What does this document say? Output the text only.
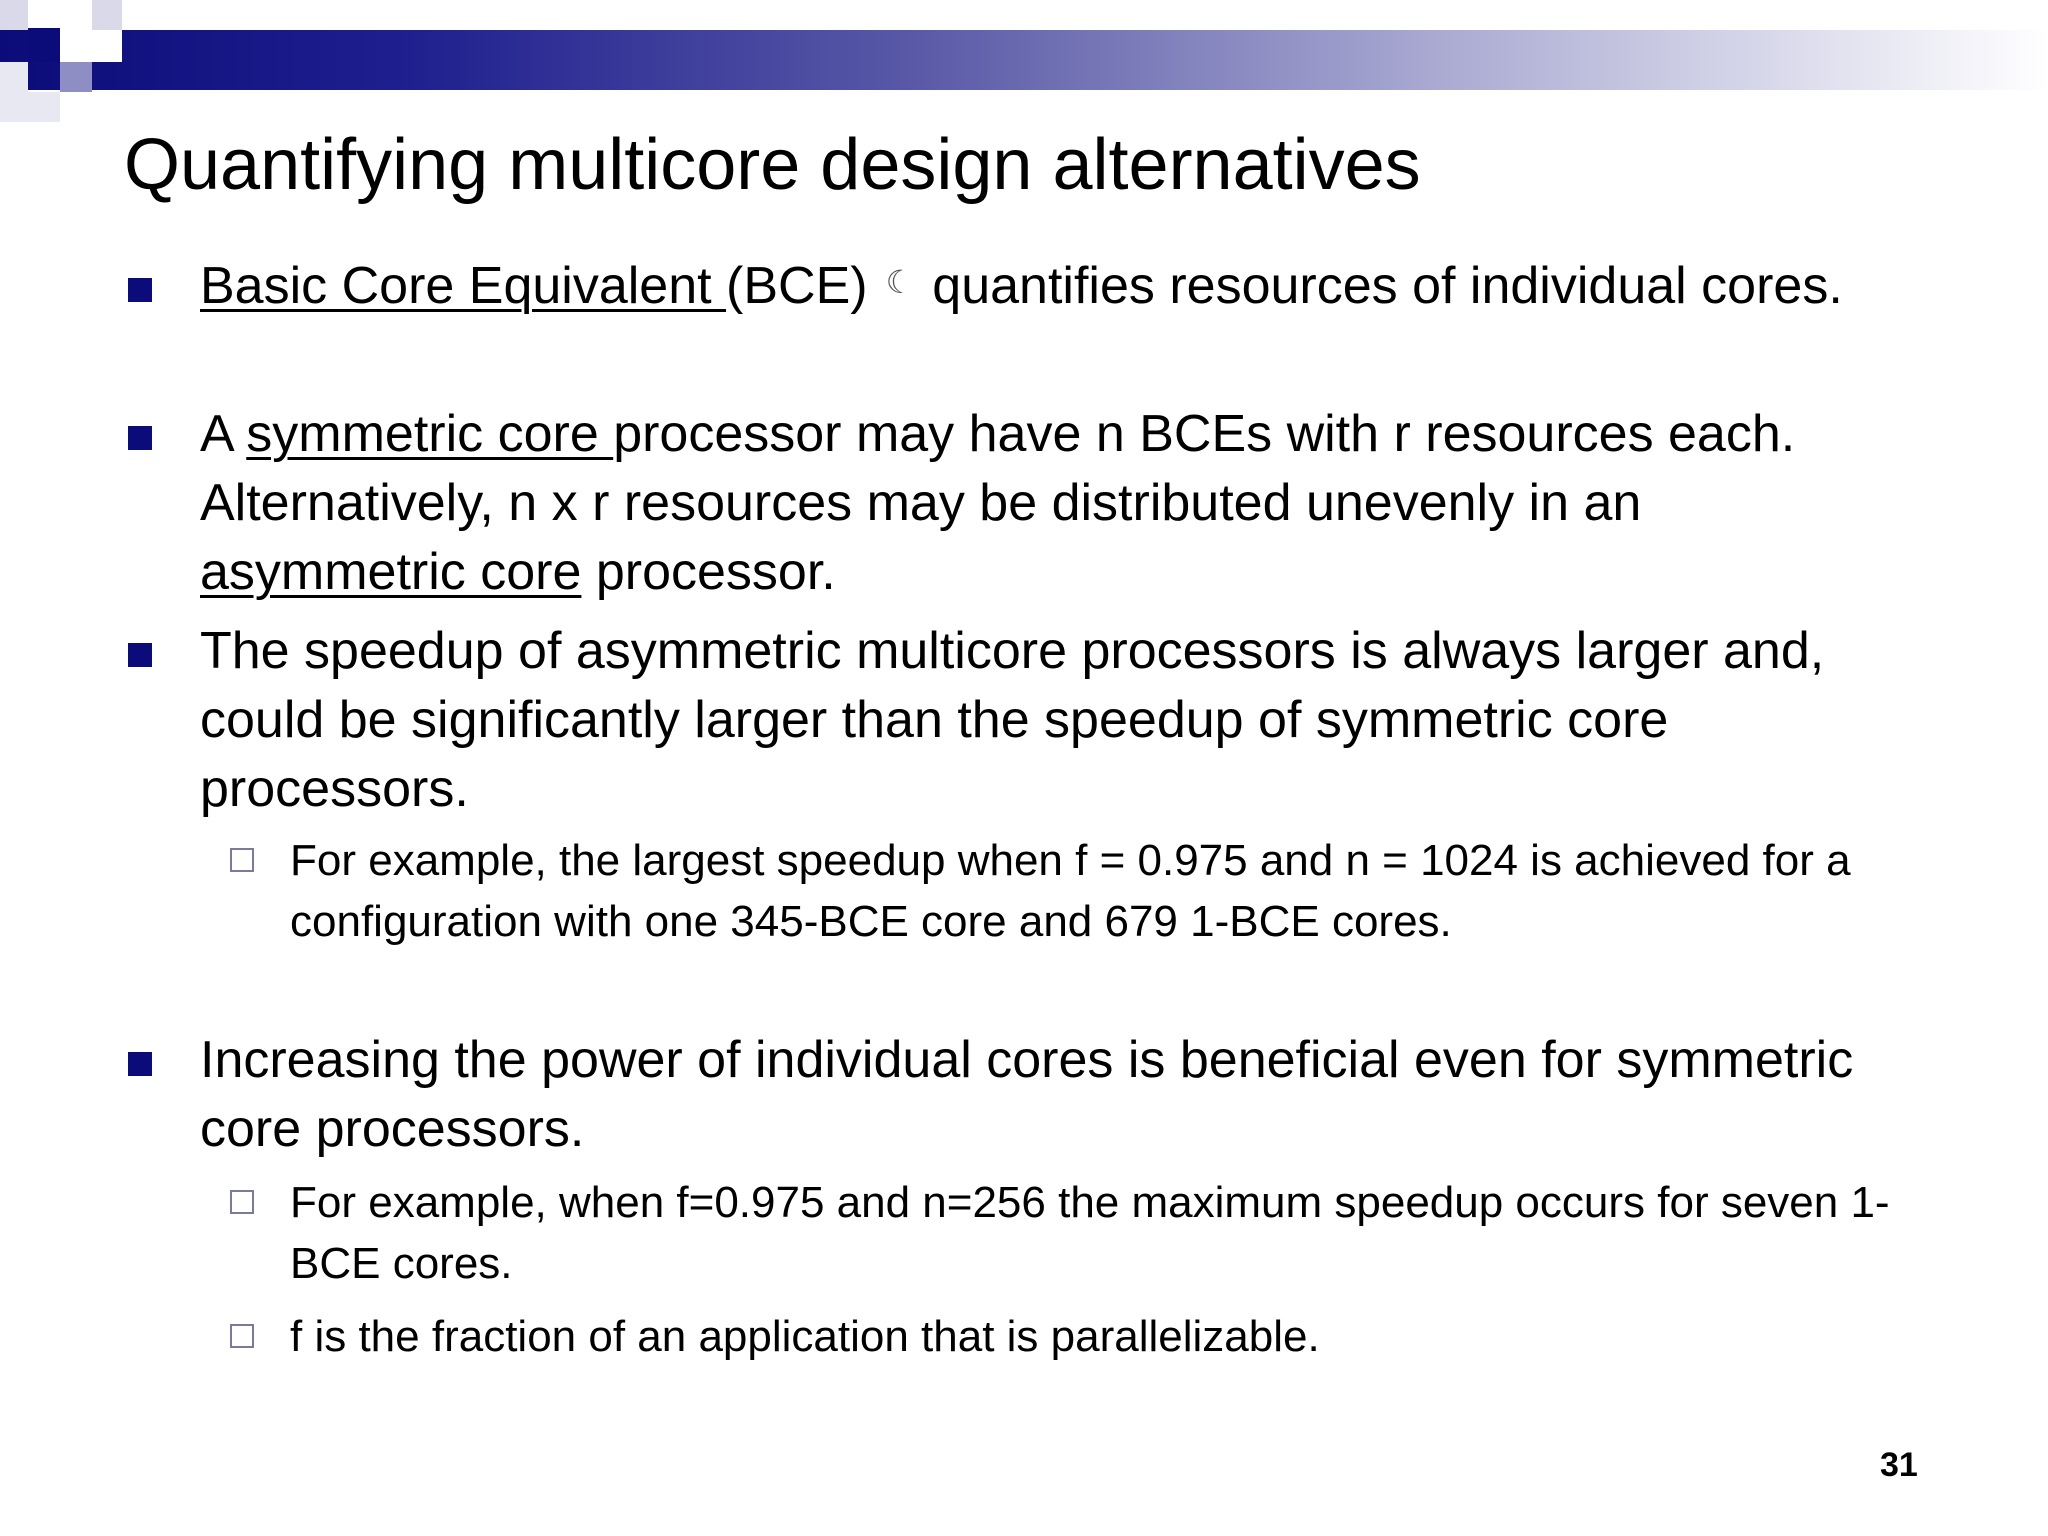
Quantifying multicore design alternatives
Basic Core Equivalent (BCE) ☾ quantifies resources of individual cores.
A symmetric core processor may have n BCEs with r resources each. Alternatively, n x r resources may be distributed unevenly in an asymmetric core processor.
The speedup of asymmetric multicore processors is always larger and, could be significantly larger than the speedup of symmetric core processors.
For example, the largest speedup when f = 0.975 and n = 1024 is achieved for a configuration with one 345-BCE core and 679 1-BCE cores.
Increasing the power of individual cores is beneficial even for symmetric core processors.
For example, when f=0.975 and n=256 the maximum speedup occurs for seven 1-BCE cores.
f is the fraction of an application that is parallelizable.
31
